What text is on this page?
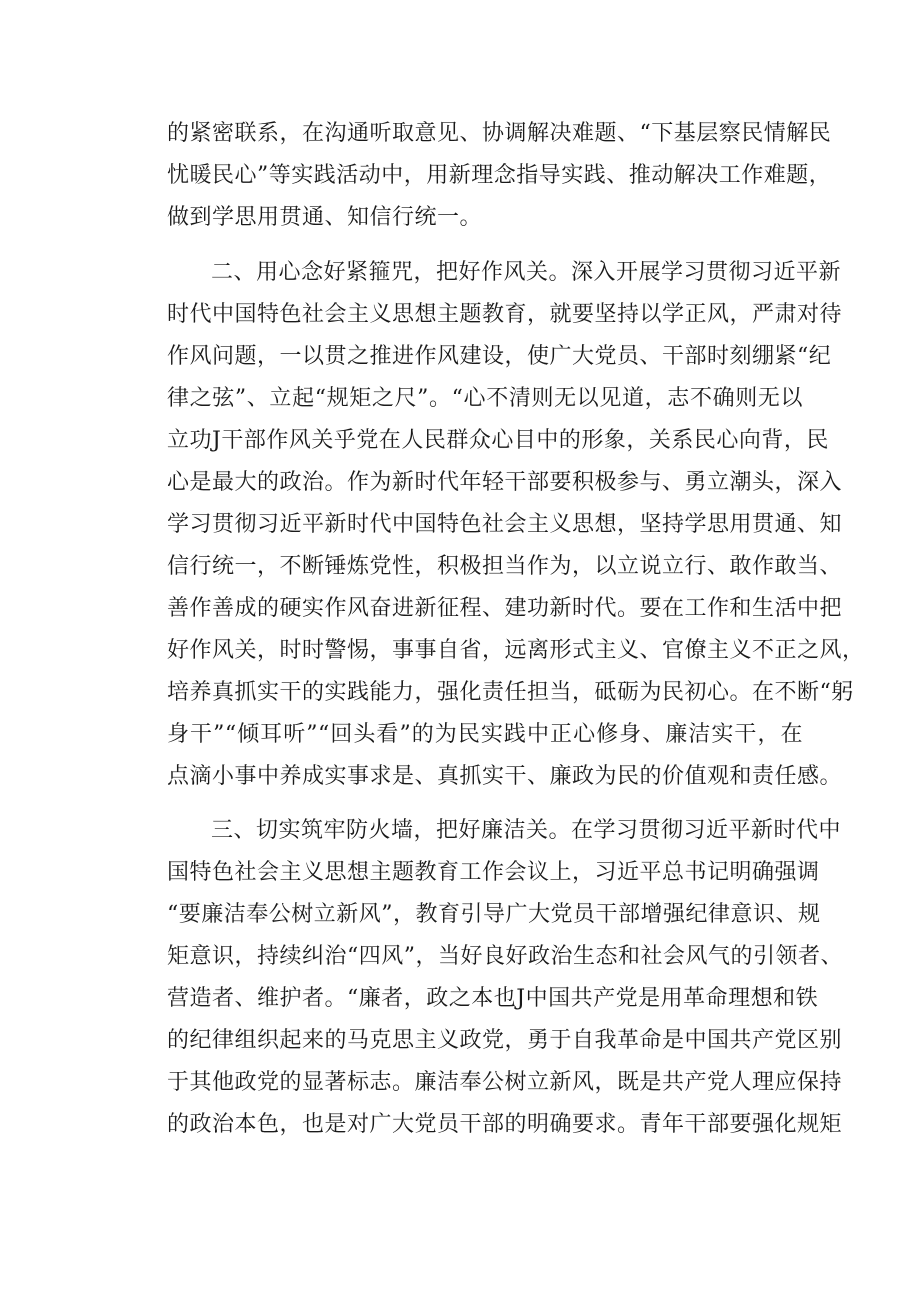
的紧密联系，在沟通听取意见、协调解决难题、“下基层察民情解民
忧暖民心”等实践活动中，用新理念指导实践、推动解决工作难题，
做到学思用贯通、知信行统一。
二、用心念好紧箍咒，把好作风关。深入开展学习贯彻习近平新
时代中国特色社会主义思想主题教育，就要坚持以学正风，严肃对待
作风问题，一以贯之推进作风建设，使广大党员、干部时刻绷紧“纪
律之弦”、立起“规矩之尺”。“心不清则无以见道，志不确则无以
立功J干部作风关乎党在人民群众心目中的形象，关系民心向背，民
心是最大的政治。作为新时代年轻干部要积极参与、勇立潮头，深入
学习贯彻习近平新时代中国特色社会主义思想，坚持学思用贯通、知
信行统一，不断锤炼党性，积极担当作为，以立说立行、敢作敢当、
善作善成的硬实作风奋进新征程、建功新时代。要在工作和生活中把
好作风关，时时警惕，事事自省，远离形式主义、官僚主义不正之风，
培养真抓实干的实践能力，强化责任担当，砥砺为民初心。在不断“躬
身干”“倾耳听”“回头看”的为民实践中正心修身、廉洁实干，在
点滴小事中养成实事求是、真抓实干、廉政为民的价值观和责任感。
三、切实筑牢防火墙，把好廉洁关。在学习贯彻习近平新时代中
国特色社会主义思想主题教育工作会议上，习近平总书记明确强调
“要廉洁奉公树立新风”，教育引导广大党员干部增强纪律意识、规
矩意识，持续纠治“四风”，当好良好政治生态和社会风气的引领者、
营造者、维护者。“廉者，政之本也J中国共产党是用革命理想和铁
的纪律组织起来的马克思主义政党，勇于自我革命是中国共产党区别
于其他政党的显著标志。廉洁奉公树立新风，既是共产党人理应保持
的政治本色，也是对广大党员干部的明确要求。青年干部要强化规矩
